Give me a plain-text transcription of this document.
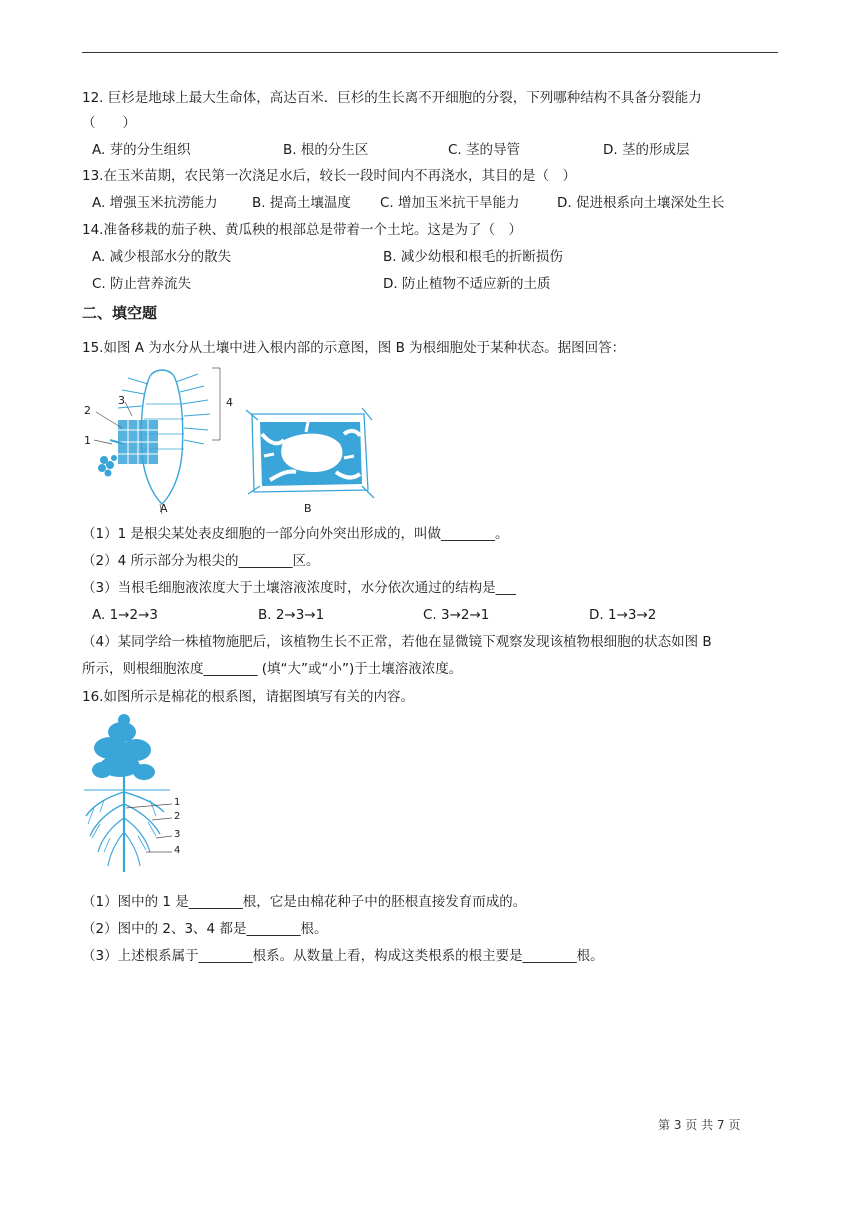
12. 巨杉是地球上最大生命体，高达百米．巨杉的生长离不开细胞的分裂，下列哪种结构不具备分裂能力
（　　）
A. 芽的分生组织	B. 根的分生区	C. 茎的导管	D. 茎的形成层
13.在玉米苗期，农民第一次浇足水后，较长一段时间内不再浇水，其目的是（　）
A. 增强玉米抗涝能力	B. 提高土壤温度 C. 增加玉米抗干旱能力	D. 促进根系向土壤深处生长
14.准备移栽的茄子秧、黄瓜秧的根部总是带着一个土坨。这是为了（　）
A. 减少根部水分的散失	B. 减少幼根和根毛的折断损伤
C. 防止营养流失	D. 防止植物不适应新的土质
二、填空题
15.如图 A 为水分从土壤中进入根内部的示意图，图 B 为根细胞处于某种状态。据图回答：
2
3
1
4
A	B
（1）1 是根尖某处表皮细胞的一部分向外突出形成的，叫做________。
（2）4 所示部分为根尖的________区。
（3）当根毛细胞液浓度大于土壤溶液浓度时，水分依次通过的结构是___
A. 1→2→3	B. 2→3→1	C. 3→2→1	D. 1→3→2
（4）某同学给一株植物施肥后，该植物生长不正常，若他在显微镜下观察发现该植物根细胞的状态如图 B
所示，则根细胞浓度________ (填“大”或“小”)于土壤溶液浓度。
16.如图所示是棉花的根系图，请据图填写有关的内容。
1
2
3
4
（1）图中的 1 是________根，它是由棉花种子中的胚根直接发育而成的。
（2）图中的 2、3、4 都是________根。
（3）上述根系属于________根系。从数量上看，构成这类根系的根主要是________根。
第 3 页 共 7 页
